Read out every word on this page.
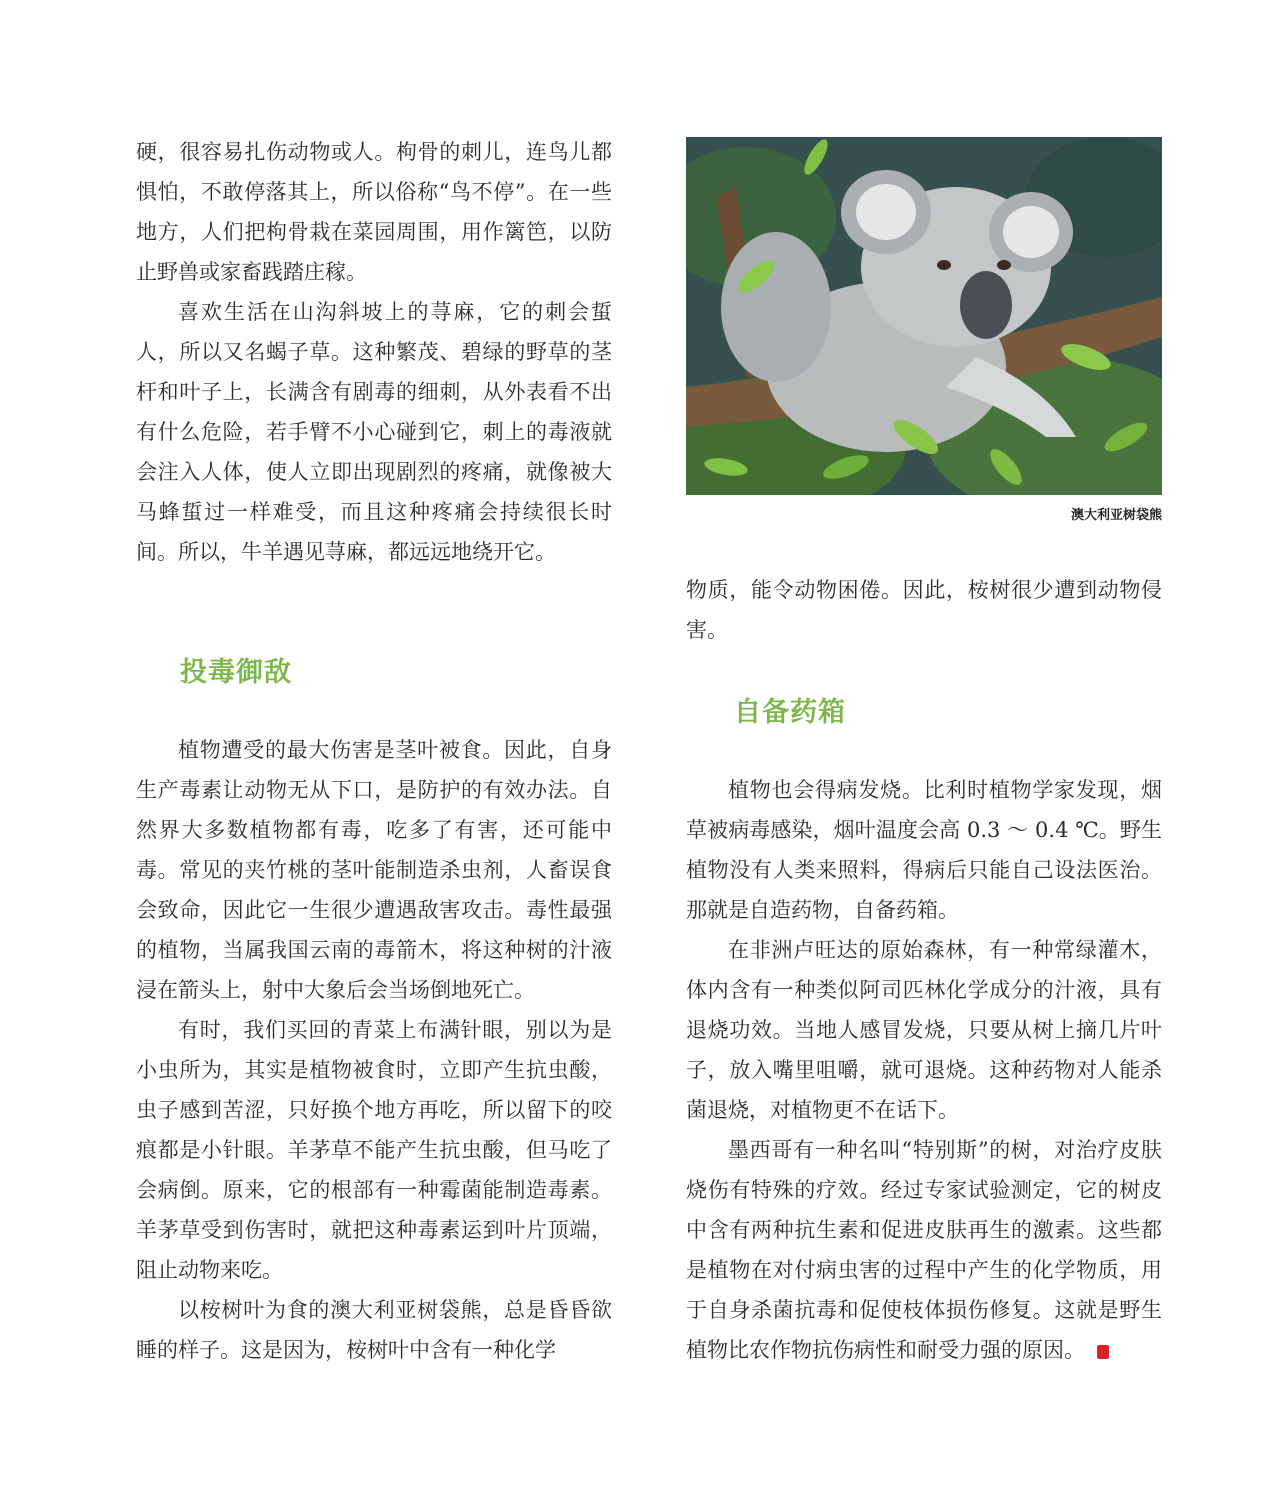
硬，很容易扎伤动物或人。枸骨的刺儿，连鸟儿都惧怕，不敢停落其上，所以俗称“鸟不停”。在一些地方，人们把枸骨栽在菜园周围，用作篱笆，以防止野兽或家畜践踏庄稼。

喜欢生活在山沟斜坡上的荨麻，它的刺会蜇人，所以又名蝎子草。这种繁茂、碧绿的野草的茎杆和叶子上，长满含有剧毒的细刺，从外表看不出有什么危险，若手臂不小心碰到它，刺上的毒液就会注入人体，使人立即出现剧烈的疼痛，就像被大马蜂蜇过一样难受，而且这种疼痛会持续很长时间。所以，牛羊遇见荨麻，都远远地绕开它。

投毒御敌

植物遭受的最大伤害是茎叶被食。因此，自身生产毒素让动物无从下口，是防护的有效办法。自然界大多数植物都有毒，吃多了有害，还可能中毒。常见的夹竹桃的茎叶能制造杀虫剂，人畜误食会致命，因此它一生很少遭遇敌害攻击。毒性最强的植物，当属我国云南的毒箭木，将这种树的汁液浸在箭头上，射中大象后会当场倒地死亡。

有时，我们买回的青菜上布满针眼，别以为是小虫所为，其实是植物被食时，立即产生抗虫酸，虫子感到苦涩，只好换个地方再吃，所以留下的咬痕都是小针眼。羊茅草不能产生抗虫酸，但马吃了会病倒。原来，它的根部有一种霉菌能制造毒素。羊茅草受到伤害时，就把这种毒素运到叶片顶端，阻止动物来吃。

以桉树叶为食的澳大利亚树袋熊，总是昏昏欲睡的样子。这是因为，桉树叶中含有一种化学

澳大利亚树袋熊

物质，能令动物困倦。因此，桉树很少遭到动物侵害。

自备药箱

植物也会得病发烧。比利时植物学家发现，烟草被病毒感染，烟叶温度会高 0.3 ～ 0.4 ℃。野生植物没有人类来照料，得病后只能自己设法医治。那就是自造药物，自备药箱。

在非洲卢旺达的原始森林，有一种常绿灌木，体内含有一种类似阿司匹林化学成分的汁液，具有退烧功效。当地人感冒发烧，只要从树上摘几片叶子，放入嘴里咀嚼，就可退烧。这种药物对人能杀菌退烧，对植物更不在话下。

墨西哥有一种名叫“特别斯”的树，对治疗皮肤烧伤有特殊的疗效。经过专家试验测定，它的树皮中含有两种抗生素和促进皮肤再生的激素。这些都是植物在对付病虫害的过程中产生的化学物质，用于自身杀菌抗毒和促使枝体损伤修复。这就是野生植物比农作物抗伤病性和耐受力强的原因。	S
